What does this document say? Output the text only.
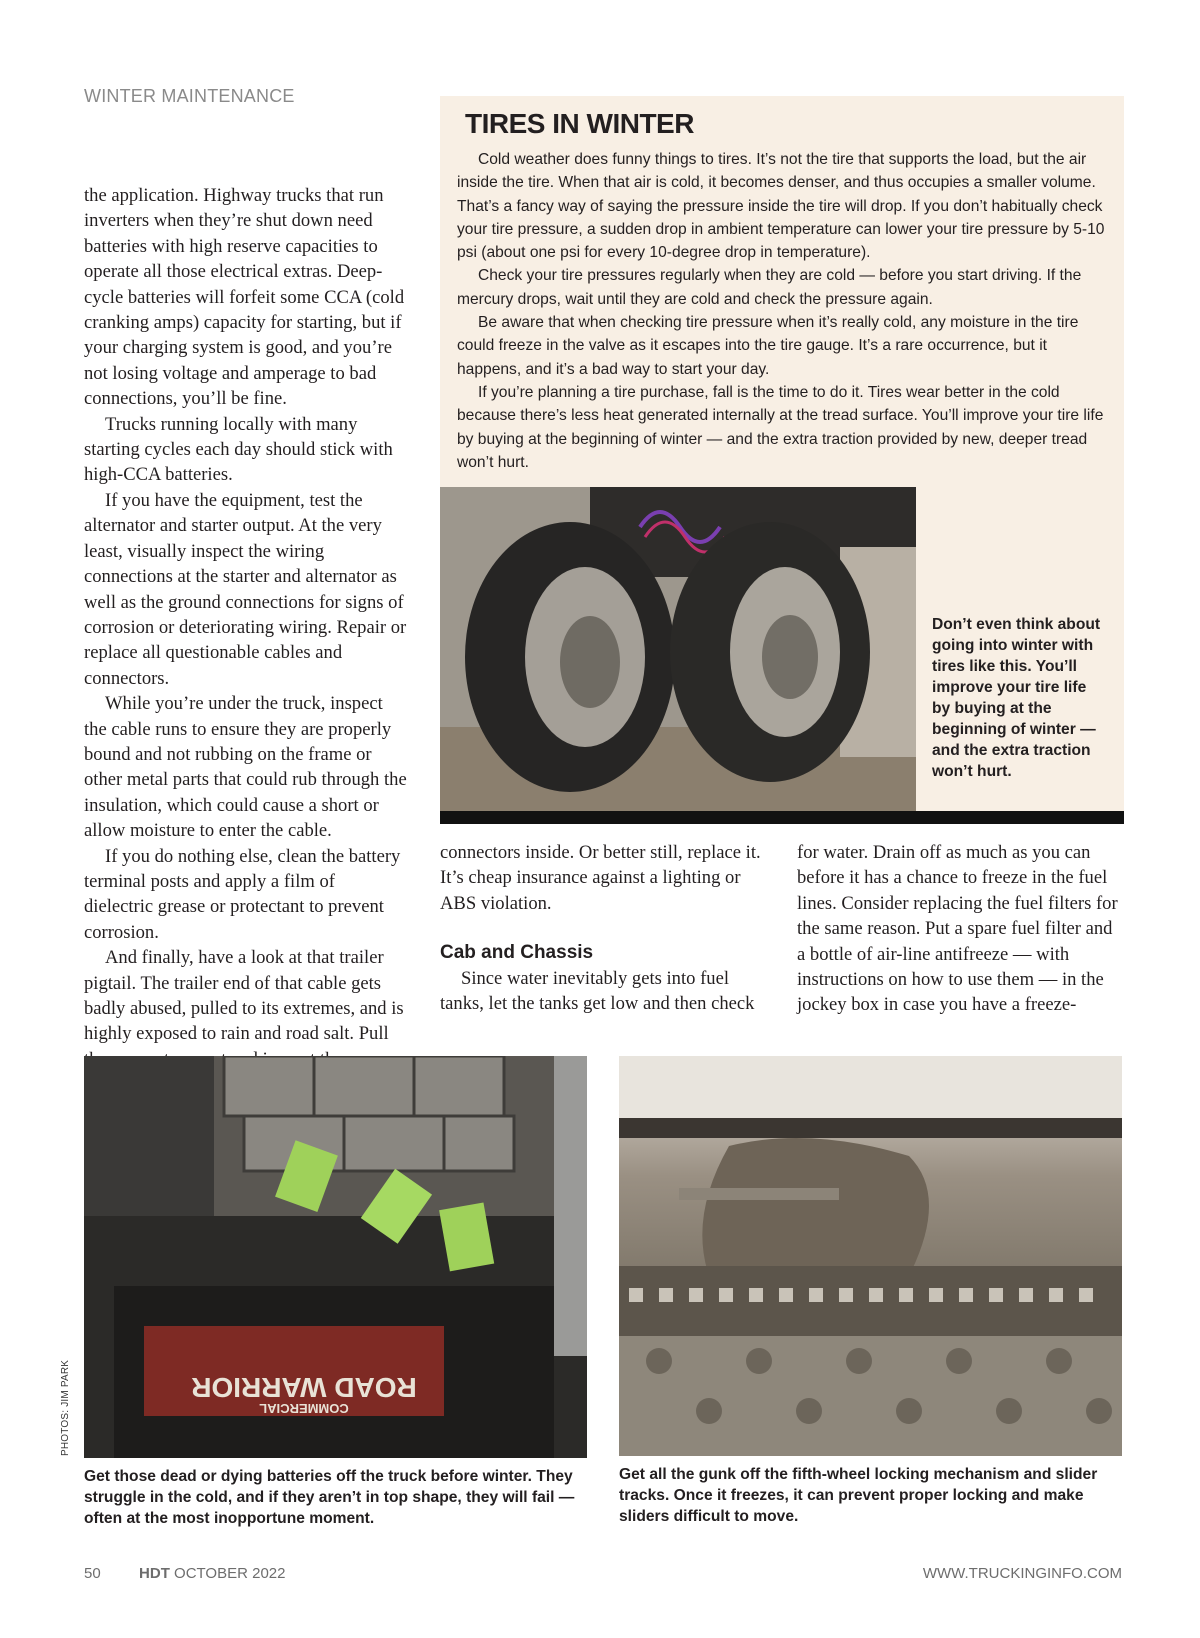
WINTER MAINTENANCE

the application. Highway trucks that run inverters when they’re shut down need batteries with high reserve capacities to operate all those electrical extras. Deep-cycle batteries will forfeit some CCA (cold cranking amps) capacity for starting, but if your charging system is good, and you’re not losing voltage and amperage to bad connections, you’ll be fine.

Trucks running locally with many starting cycles each day should stick with high-CCA batteries.

If you have the equipment, test the alternator and starter output. At the very least, visually inspect the wiring connections at the starter and alternator as well as the ground connections for signs of corrosion or deteriorating wiring. Repair or replace all questionable cables and connectors.

While you’re under the truck, inspect the cable runs to ensure they are properly bound and not rubbing on the frame or other metal parts that could rub through the insulation, which could cause a short or allow moisture to enter the cable.

If you do nothing else, clean the battery terminal posts and apply a film of dielectric grease or protectant to prevent corrosion.

And finally, have a look at that trailer pigtail. The trailer end of that cable gets badly abused, pulled to its extremes, and is highly exposed to rain and road salt. Pull

TIRES IN WINTER

Cold weather does funny things to tires. It’s not the tire that supports the load, but the air inside the tire. When that air is cold, it becomes denser, and thus occupies a smaller volume. That’s a fancy way of saying the pressure inside the tire will drop. If you don’t habitually check your tire pressure, a sudden drop in ambient temperature can lower your tire pressure by 5-10 psi (about one psi for every 10-degree drop in temperature).

Check your tire pressures regularly when they are cold — before you start driving. If the mercury drops, wait until they are cold and check the pressure again.

Be aware that when checking tire pressure when it’s really cold, any moisture in the tire could freeze in the valve as it escapes into the tire gauge. It’s a rare occurrence, but it happens, and it’s a bad way to start your day.

If you’re planning a tire purchase, fall is the time to do it. Tires wear better in the cold because there’s less heat generated internally at the tread surface. You’ll improve your tire life by buying at the beginning of winter — and the extra traction provided by new, deeper tread won’t hurt.

Don’t even think about going into winter with tires like this. You’ll improve your tire life by buying at the beginning of winter — and the extra traction won’t hurt.

connectors inside. Or better still, replace it. It’s cheap insurance against a lighting or ABS violation.

Cab and Chassis

Since water inevitably gets into fuel tanks, let the tanks get low and then check

for water. Drain off as much as you can before it has a chance to freeze in the fuel lines. Consider replacing the fuel filters for the same reason. Put a spare fuel filter and a bottle of air-line antifreeze — with instructions on how to use them — in the jockey box in case you have a freeze-

ROAD WARRIOR
COMMERCIAL
PHOTOS: JIM PARK
Get those dead or dying batteries off the truck before winter. They struggle in the cold, and if they aren’t in top shape, they will fail — often at the most inopportune moment.
Get all the gunk off the fifth-wheel locking mechanism and slider tracks. Once it freezes, it can prevent proper locking and make sliders difficult to move.
50	HDT OCTOBER 2022	WWW.TRUCKINGINFO.COM
